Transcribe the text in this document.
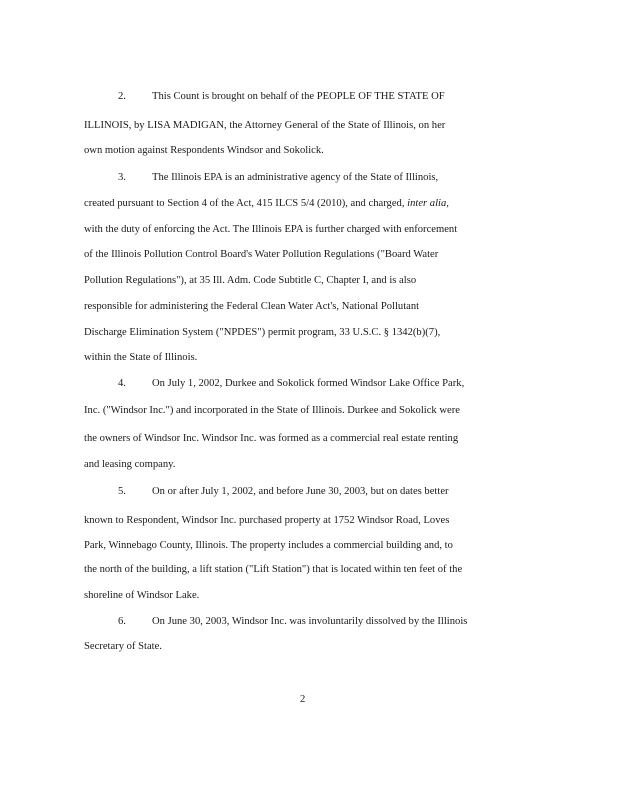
2. This Count is brought on behalf of the PEOPLE OF THE STATE OF
ILLINOIS, by LISA MADIGAN, the Attorney General of the State of Illinois, on her
own motion against Respondents Windsor and Sokolick.
3. The Illinois EPA is an administrative agency of the State of Illinois,
created pursuant to Section 4 of the Act, 415 ILCS 5/4 (2010), and charged, inter alia,
with the duty of enforcing the Act. The Illinois EPA is further charged with enforcement
of the Illinois Pollution Control Board's Water Pollution Regulations ("Board Water
Pollution Regulations"), at 35 Ill. Adm. Code Subtitle C, Chapter I, and is also
responsible for administering the Federal Clean Water Act's, National Pollutant
Discharge Elimination System ("NPDES") permit program, 33 U.S.C. § 1342(b)(7),
within the State of Illinois.
4. On July 1, 2002, Durkee and Sokolick formed Windsor Lake Office Park,
Inc. ("Windsor Inc.") and incorporated in the State of Illinois. Durkee and Sokolick were
the owners of Windsor Inc. Windsor Inc. was formed as a commercial real estate renting
and leasing company.
5. On or after July 1, 2002, and before June 30, 2003, but on dates better
known to Respondent, Windsor Inc. purchased property at 1752 Windsor Road, Loves
Park, Winnebago County, Illinois. The property includes a commercial building and, to
the north of the building, a lift station ("Lift Station") that is located within ten feet of the
shoreline of Windsor Lake.
6. On June 30, 2003, Windsor Inc. was involuntarily dissolved by the Illinois
Secretary of State.
2
